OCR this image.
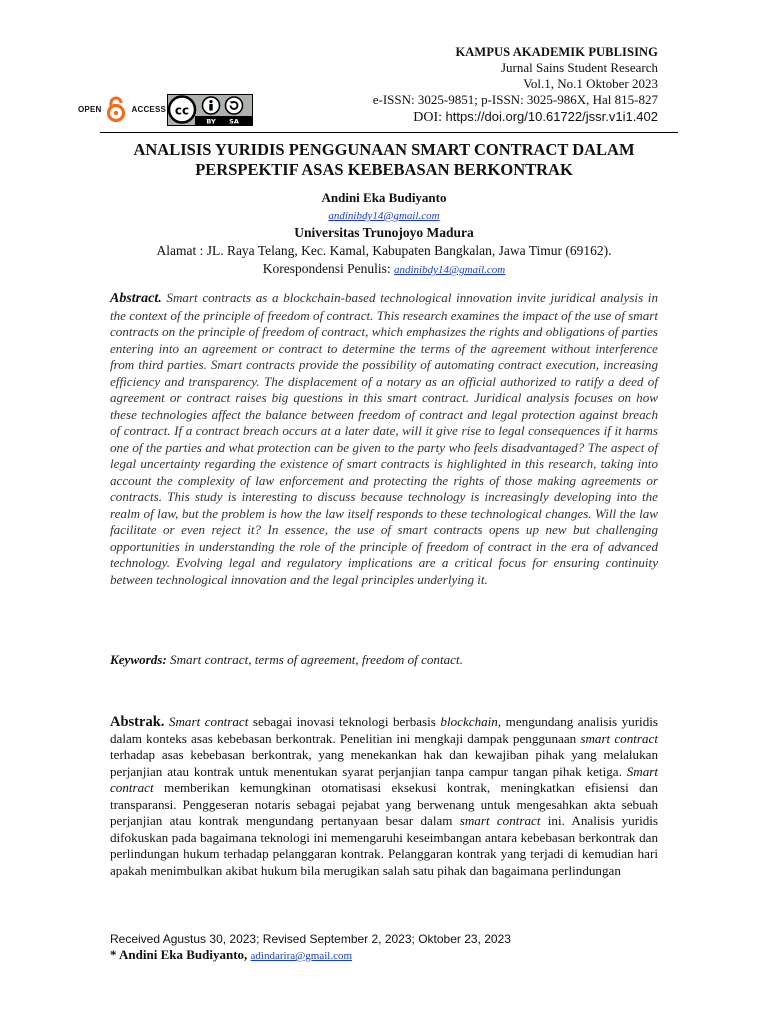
KAMPUS AKADEMIK PUBLISING
Jurnal Sains Student Research
Vol.1, No.1 Oktober 2023
e-ISSN: 3025-9851; p-ISSN: 3025-986X, Hal 815-827
DOI: https://doi.org/10.61722/jssr.v1i1.402
OPEN	ACCESS cc
BY SA
ANALISIS YURIDIS PENGGUNAAN SMART CONTRACT DALAM
PERSPEKTIF ASAS KEBEBASAN BERKONTRAK
Andini Eka Budiyanto
andinibdy14@gmail.com
Universitas Trunojoyo Madura
Alamat : JL. Raya Telang, Kec. Kamal, Kabupaten Bangkalan, Jawa Timur (69162).
Korespondensi Penulis: andinibdy14@gmail.com
Abstract. Smart contracts as a blockchain-based technological innovation invite juridical analysis in the context of the principle of freedom of contract. This research examines the impact of the use of smart contracts on the principle of freedom of contract, which emphasizes the rights and obligations of parties entering into an agreement or contract to determine the terms of the agreement without interference from third parties. Smart contracts provide the possibility of automating contract execution, increasing efficiency and transparency. The displacement of a notary as an official authorized to ratify a deed of agreement or contract raises big questions in this smart contract. Juridical analysis focuses on how these technologies affect the balance between freedom of contract and legal protection against breach of contract. If a contract breach occurs at a later date, will it give rise to legal consequences if it harms one of the parties and what protection can be given to the party who feels disadvantaged? The aspect of legal uncertainty regarding the existence of smart contracts is highlighted in this research, taking into account the complexity of law enforcement and protecting the rights of those making agreements or contracts. This study is interesting to discuss because technology is increasingly developing into the realm of law, but the problem is how the law itself responds to these technological changes. Will the law facilitate or even reject it? In essence, the use of smart contracts opens up new but challenging opportunities in understanding the role of the principle of freedom of contract in the era of advanced technology. Evolving legal and regulatory implications are a critical focus for ensuring continuity between technological innovation and the legal principles underlying it.
Keywords: Smart contract, terms of agreement, freedom of contact.
Abstrak. Smart contract sebagai inovasi teknologi berbasis blockchain, mengundang analisis yuridis dalam konteks asas kebebasan berkontrak. Penelitian ini mengkaji dampak penggunaan smart contract terhadap asas kebebasan berkontrak, yang menekankan hak dan kewajiban pihak yang melalukan perjanjian atau kontrak untuk menentukan syarat perjanjian tanpa campur tangan pihak ketiga. Smart contract memberikan kemungkinan otomatisasi eksekusi kontrak, meningkatkan efisiensi dan transparansi. Penggeseran notaris sebagai pejabat yang berwenang untuk mengesahkan akta sebuah perjanjian atau kontrak mengundang pertanyaan besar dalam smart contract ini. Analisis yuridis difokuskan pada bagaimana teknologi ini memengaruhi keseimbangan antara kebebasan berkontrak dan perlindungan hukum terhadap pelanggaran kontrak. Pelanggaran kontrak yang terjadi di kemudian hari apakah menimbulkan akibat hukum bila merugikan salah satu pihak dan bagaimana perlindungan
Received Agustus 30, 2023; Revised September 2, 2023; Oktober 23, 2023
* Andini Eka Budiyanto, adindarira@gmail.com
